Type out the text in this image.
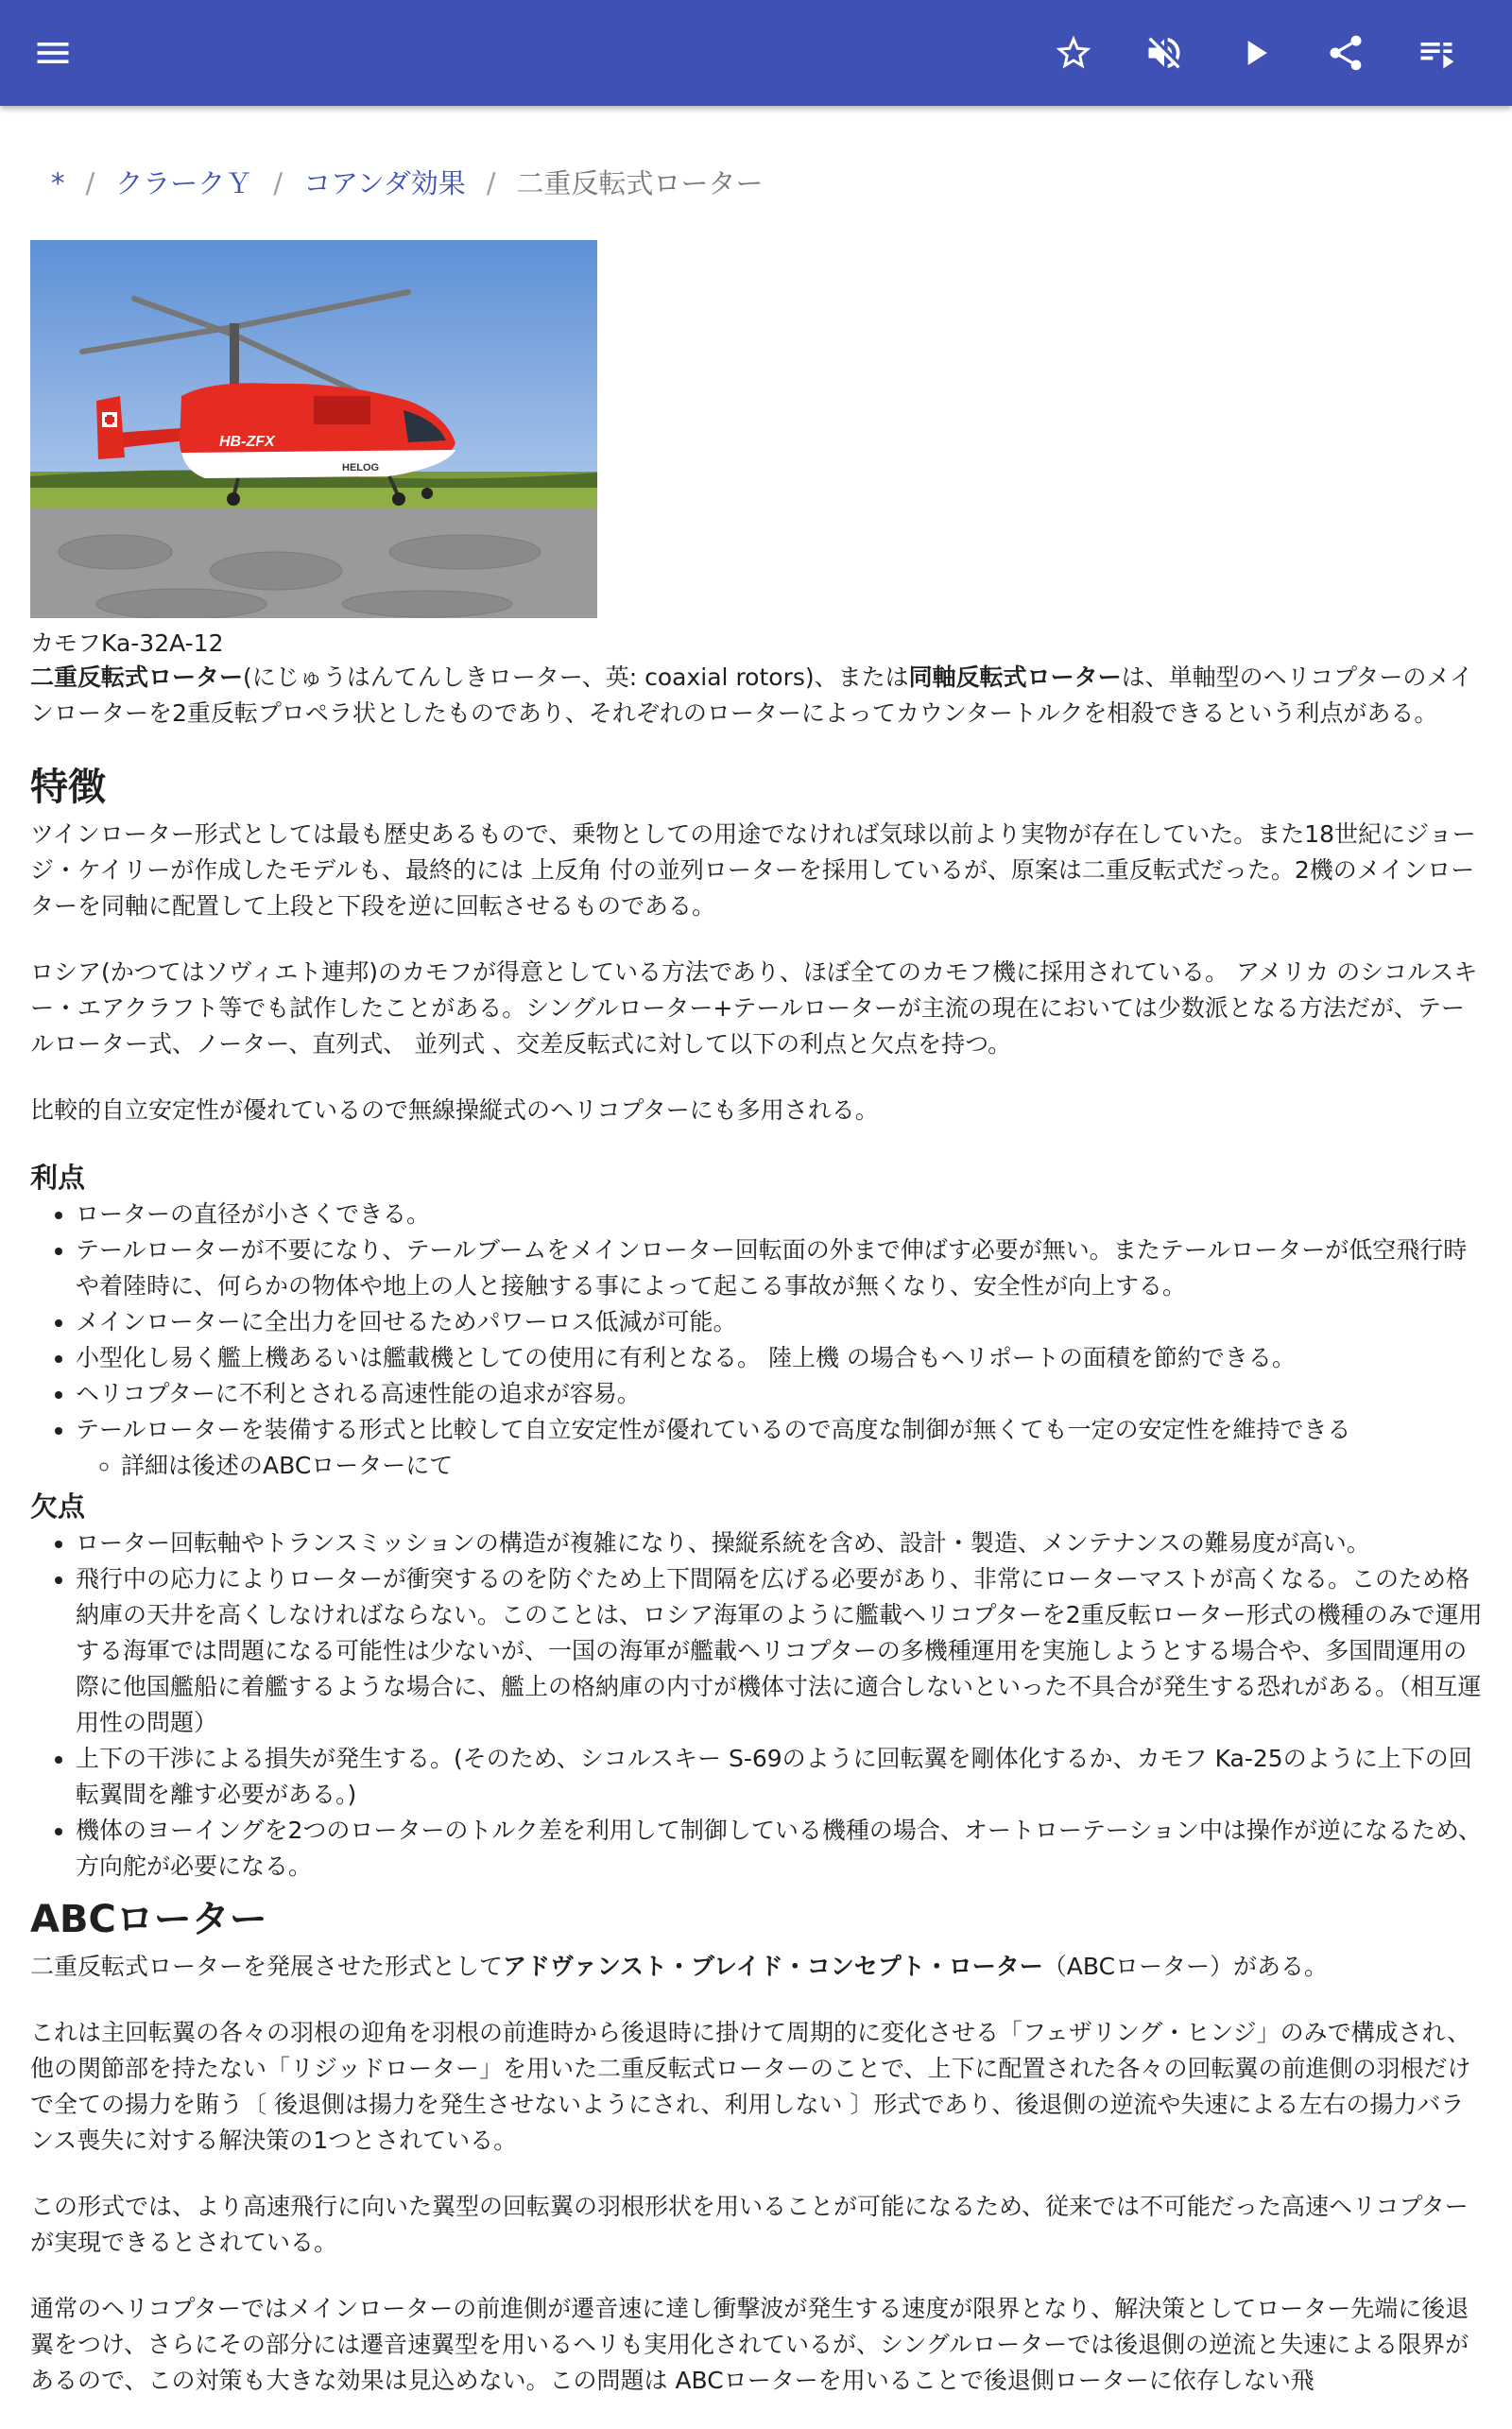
* / クラークＹ / コアンダ効果 / 二重反転式ローター
HB-ZFX
HELOG
カモフKa-32A-12

二重反転式ローター(にじゅうはんてんしきローター、英: coaxial rotors)、または同軸反転式ローターは、単軸型のヘリコプターのメインローターを2重反転プロペラ状としたものであり、それぞれのローターによってカウンタートルクを相殺できるという利点がある。

特徴

ツインローター形式としては最も歴史あるもので、乗物としての用途でなければ気球以前より実物が存在していた。また18世紀にジョージ・ケイリーが作成したモデルも、最終的には 上反角 付の並列ローターを採用しているが、原案は二重反転式だった。2機のメインローターを同軸に配置して上段と下段を逆に回転させるものである。

ロシア(かつてはソヴィエト連邦)のカモフが得意としている方法であり、ほぼ全てのカモフ機に採用されている。 アメリカ のシコルスキー・エアクラフト等でも試作したことがある。シングルローター+テールローターが主流の現在においては少数派となる方法だが、テールローター式、ノーター、直列式、 並列式 、交差反転式に対して以下の利点と欠点を持つ。

比較的自立安定性が優れているので無線操縦式のヘリコプターにも多用される。

利点
• ローターの直径が小さくできる。
• テールローターが不要になり、テールブームをメインローター回転面の外まで伸ばす必要が無い。またテールローターが低空飛行時や着陸時に、何らかの物体や地上の人と接触する事によって起こる事故が無くなり、安全性が向上する。
• メインローターに全出力を回せるためパワーロス低減が可能。
• 小型化し易く艦上機あるいは艦載機としての使用に有利となる。 陸上機 の場合もヘリポートの面積を節約できる。
• ヘリコプターに不利とされる高速性能の追求が容易。
• テールローターを装備する形式と比較して自立安定性が優れているので高度な制御が無くても一定の安定性を維持できる
◦ 詳細は後述のABCローターにて
欠点
• ローター回転軸やトランスミッションの構造が複雑になり、操縦系統を含め、設計・製造、メンテナンスの難易度が高い。
• 飛行中の応力によりローターが衝突するのを防ぐため上下間隔を広げる必要があり、非常にローターマストが高くなる。このため格納庫の天井を高くしなければならない。このことは、ロシア海軍のように艦載ヘリコプターを2重反転ローター形式の機種のみで運用する海軍では問題になる可能性は少ないが、一国の海軍が艦載ヘリコプターの多機種運用を実施しようとする場合や、多国間運用の際に他国艦船に着艦するような場合に、艦上の格納庫の内寸が機体寸法に適合しないといった不具合が発生する恐れがある。（相互運用性の問題）
• 上下の干渉による損失が発生する。(そのため、シコルスキー S-69のように回転翼を剛体化するか、カモフ Ka-25のように上下の回転翼間を離す必要がある。)
• 機体のヨーイングを2つのローターのトルク差を利用して制御している機種の場合、オートローテーション中は操作が逆になるため、方向舵が必要になる。
ABCローター

二重反転式ローターを発展させた形式としてアドヴァンスト・ブレイド・コンセプト・ローター（ABCローター）がある。

これは主回転翼の各々の羽根の迎角を羽根の前進時から後退時に掛けて周期的に変化させる「フェザリング・ヒンジ」のみで構成され、他の関節部を持たない「リジッドローター」を用いた二重反転式ローターのことで、上下に配置された各々の回転翼の前進側の羽根だけで全ての揚力を賄う〔 後退側は揚力を発生させないようにされ、利用しない 〕形式であり、後退側の逆流や失速による左右の揚力バランス喪失に対する解決策の1つとされている。

この形式では、より高速飛行に向いた翼型の回転翼の羽根形状を用いることが可能になるため、従来では不可能だった高速ヘリコプターが実現できるとされている。

通常のヘリコプターではメインローターの前進側が遷音速に達し衝撃波が発生する速度が限界となり、解決策としてローター先端に後退翼をつけ、さらにその部分には遷音速翼型を用いるヘリも実用化されているが、シングルローターでは後退側の逆流と失速による限界があるので、この対策も大きな効果は見込めない。この問題は ABCローターを用いることで後退側ローターに依存しない飛
